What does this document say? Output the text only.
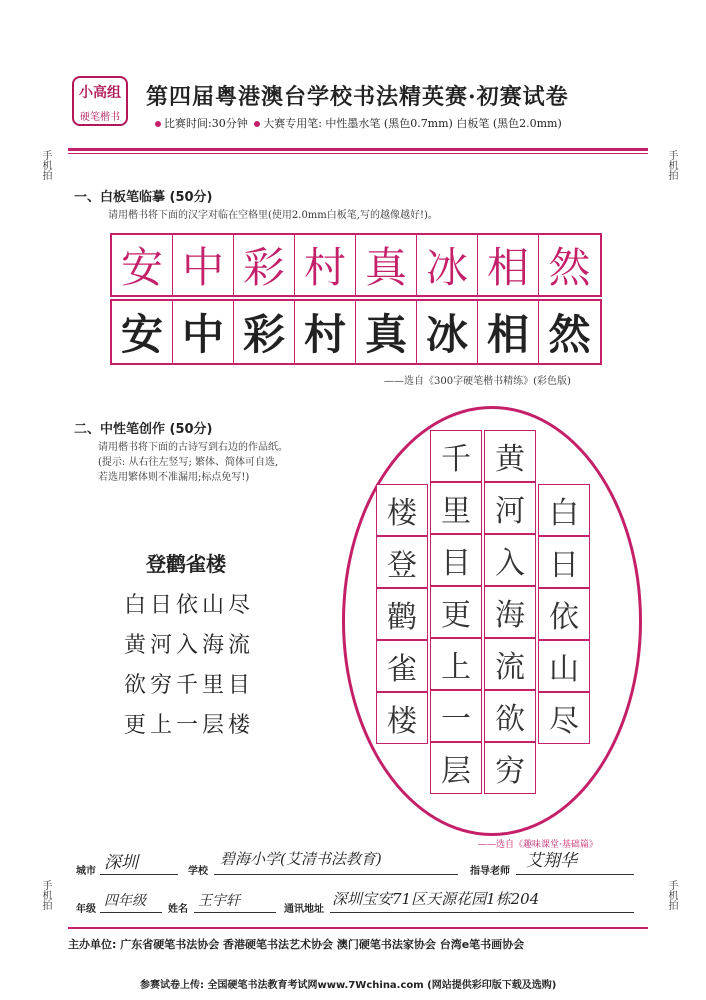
小高组
硬笔楷书
第四届粤港澳台学校书法精英赛·初赛试卷
比赛时间:30分钟 大赛专用笔: 中性墨水笔 (黑色0.7mm) 白板笔 (黑色2.0mm)
手机拍	手机拍
手机拍	手机拍
一、白板笔临摹 (50分)
请用楷书将下面的汉字对临在空格里(使用2.0mm白板笔,写的越像越好!)。
安 中 彩 村 真 冰 相 然
安 中 彩 村 真 冰 相 然
——选自《300字硬笔楷书精练》(彩色版)
二、中性笔创作 (50分)
请用楷书将下面的古诗写到右边的作品纸。
(提示: 从右往左竖写; 繁体、简体可自选,
若选用繁体则不准漏用;标点免写!)
登鹳雀楼
白日依山尽
黄河入海流
欲穷千里目
更上一层楼
白
日
依
山
尽
黄
河
入
海
流
欲
穷
千
里
目
更
上
一
层
楼
登
鹳
雀
楼
——选自《趣味课堂·基础篇》
城市 深圳	学校
碧海小学(艾清书法教育)
指导老师
艾翔华
年级
四年级
姓名
王宇轩
通讯地址
深圳宝安71区天源花园1栋204
主办单位: 广东省硬笔书法协会 香港硬笔书法艺术协会 澳门硬笔书法家协会 台湾e笔书画协会
参赛试卷上传: 全国硬笔书法教育考试网www.7Wchina.com (网站提供彩印版下载及选购)
